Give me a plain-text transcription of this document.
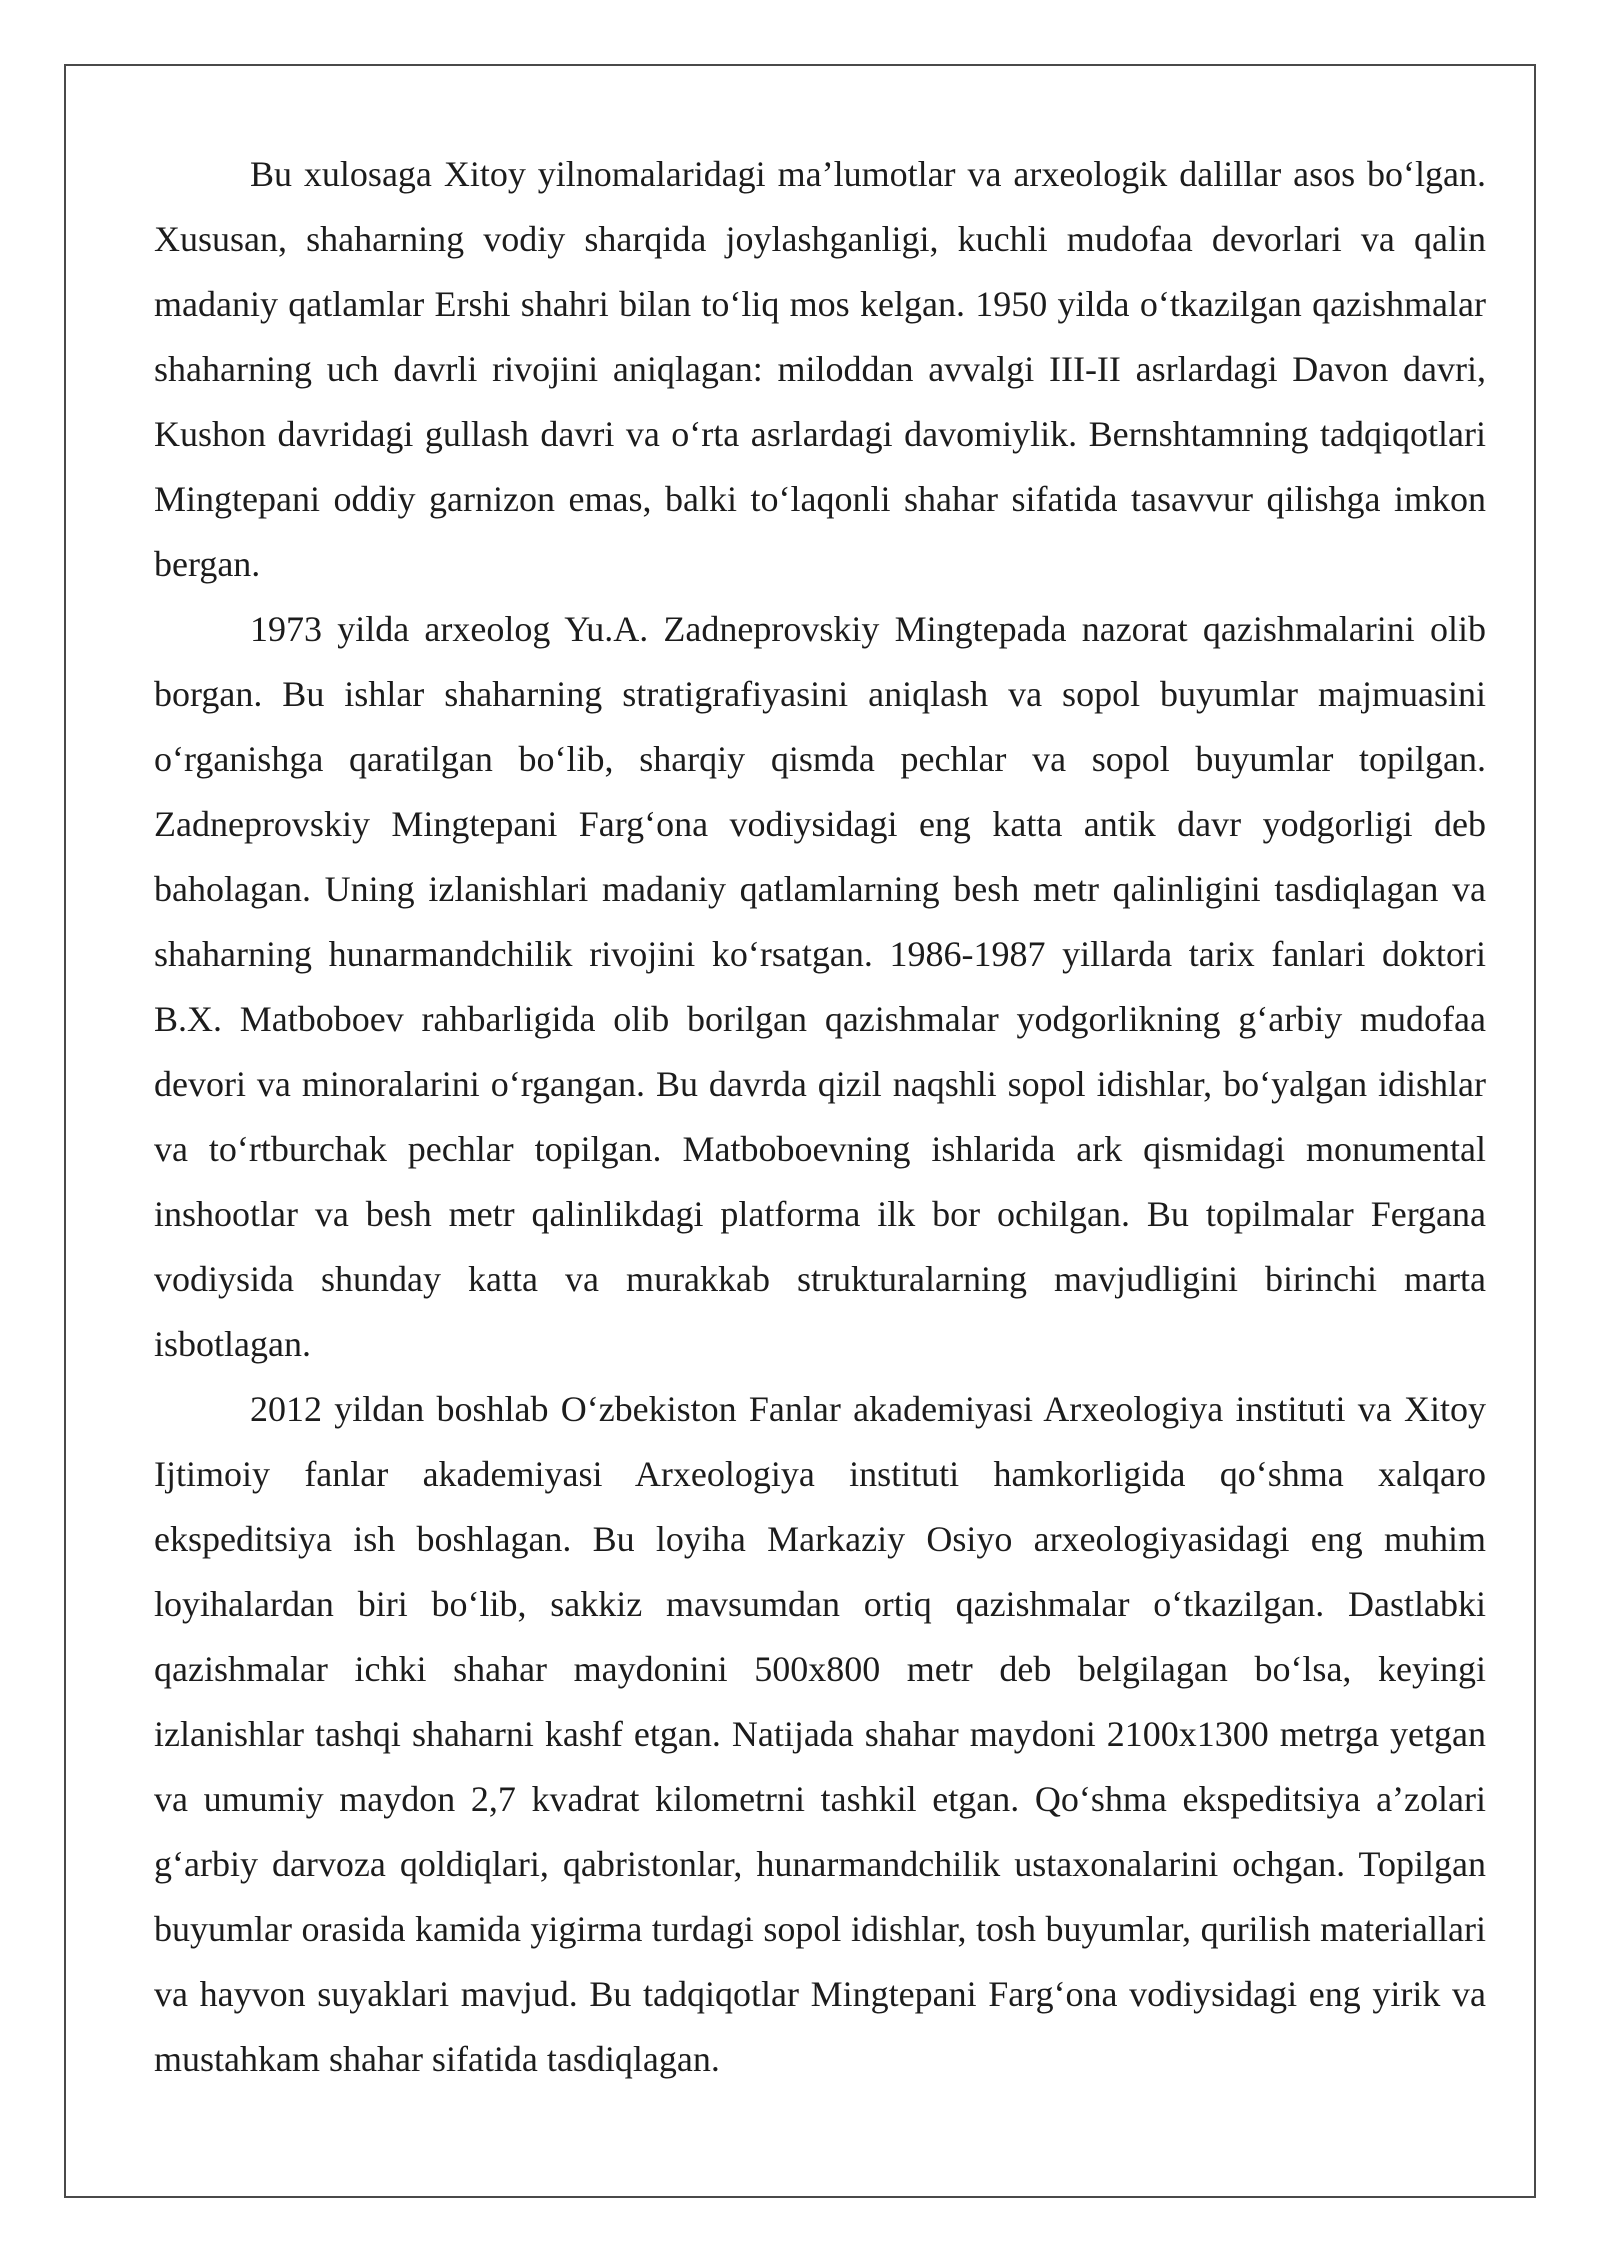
Bu xulosaga Xitoy yilnomalaridagi ma’lumotlar va arxeologik dalillar asos bo‘lgan. Xususan, shaharning vodiy sharqida joylashganligi, kuchli mudofaa devorlari va qalin madaniy qatlamlar Ershi shahri bilan to‘liq mos kelgan. 1950 yilda o‘tkazilgan qazishmalar shaharning uch davrli rivojini aniqlagan: miloddan avvalgi III-II asrlardagi Davon davri, Kushon davridagi gullash davri va o‘rta asrlardagi davomiylik. Bernshtamning tadqiqotlari Mingtepani oddiy garnizon emas, balki to‘laqonli shahar sifatida tasavvur qilishga imkon bergan.

1973 yilda arxeolog Yu.A. Zadneprovskiy Mingtepada nazorat qazishmalarini olib borgan. Bu ishlar shaharning stratigrafiyasini aniqlash va sopol buyumlar majmuasini o‘rganishga qaratilgan bo‘lib, sharqiy qismda pechlar va sopol buyumlar topilgan. Zadneprovskiy Mingtepani Farg‘ona vodiysidagi eng katta antik davr yodgorligi deb baholagan. Uning izlanishlari madaniy qatlamlarning besh metr qalinligini tasdiqlagan va shaharning hunarmandchilik rivojini ko‘rsatgan. 1986-1987 yillarda tarix fanlari doktori B.X. Matboboev rahbarligida olib borilgan qazishmalar yodgorlikning g‘arbiy mudofaa devori va minoralarini o‘rgangan. Bu davrda qizil naqshli sopol idishlar, bo‘yalgan idishlar va to‘rtburchak pechlar topilgan. Matboboevning ishlarida ark qismidagi monumental inshootlar va besh metr qalinlikdagi platforma ilk bor ochilgan. Bu topilmalar Fergana vodiysida shunday katta va murakkab strukturalarning mavjudligini birinchi marta isbotlagan.

2012 yildan boshlab O‘zbekiston Fanlar akademiyasi Arxeologiya instituti va Xitoy Ijtimoiy fanlar akademiyasi Arxeologiya instituti hamkorligida qo‘shma xalqaro ekspeditsiya ish boshlagan. Bu loyiha Markaziy Osiyo arxeologiyasidagi eng muhim loyihalardan biri bo‘lib, sakkiz mavsumdan ortiq qazishmalar o‘tkazilgan. Dastlabki qazishmalar ichki shahar maydonini 500x800 metr deb belgilagan bo‘lsa, keyingi izlanishlar tashqi shaharni kashf etgan. Natijada shahar maydoni 2100x1300 metrga yetgan va umumiy maydon 2,7 kvadrat kilometrni tashkil etgan. Qo‘shma ekspeditsiya a’zolari g‘arbiy darvoza qoldiqlari, qabristonlar, hunarmandchilik ustaxonalarini ochgan. Topilgan buyumlar orasida kamida yigirma turdagi sopol idishlar, tosh buyumlar, qurilish materiallari va hayvon suyaklari mavjud. Bu tadqiqotlar Mingtepani Farg‘ona vodiysidagi eng yirik va mustahkam shahar sifatida tasdiqlagan.
